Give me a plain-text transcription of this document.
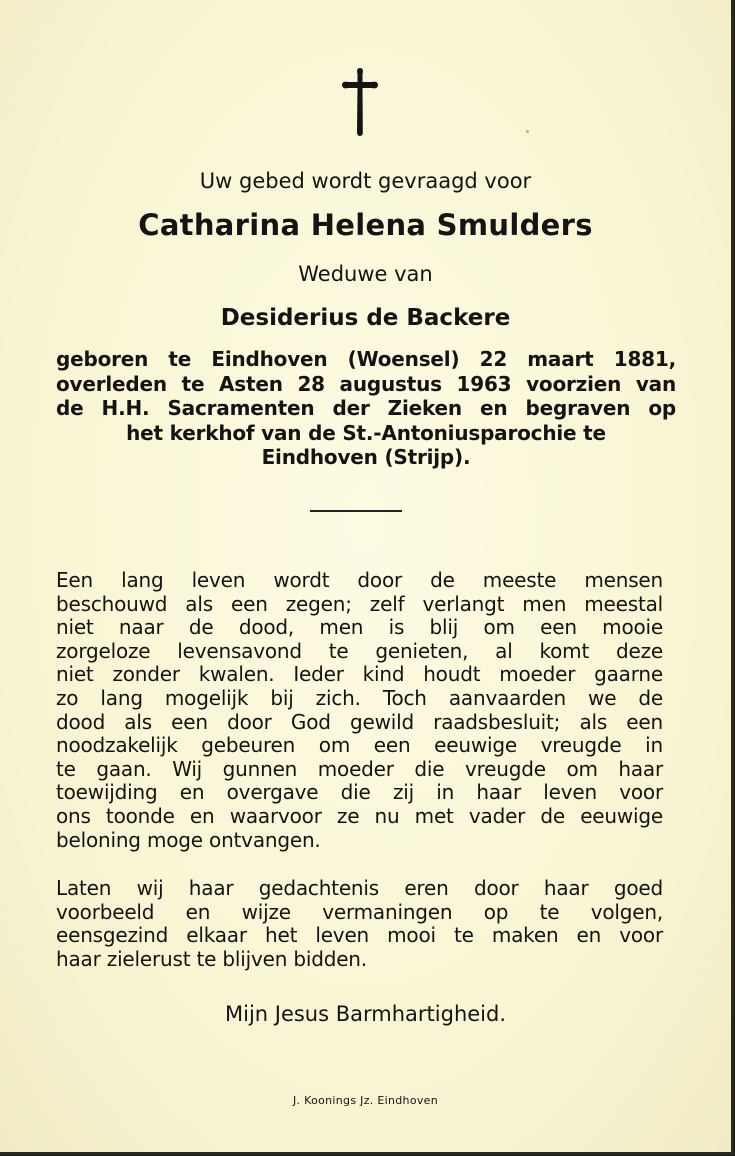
Uw gebed wordt gevraagd voor
Catharina Helena Smulders
Weduwe van
Desiderius de Backere
geboren te Eindhoven (Woensel) 22 maart 1881,
overleden te Asten 28 augustus 1963 voorzien van
de H.H. Sacramenten der Zieken en begraven op
het kerkhof van de St.-Antoniusparochie te
Eindhoven (Strijp).
Een lang leven wordt door de meeste mensen
beschouwd als een zegen; zelf verlangt men meestal
niet naar de dood, men is blij om een mooie
zorgeloze levensavond te genieten, al komt deze
niet zonder kwalen. Ieder kind houdt moeder gaarne
zo lang mogelijk bij zich. Toch aanvaarden we de
dood als een door God gewild raadsbesluit; als een
noodzakelijk gebeuren om een eeuwige vreugde in
te gaan. Wij gunnen moeder die vreugde om haar
toewijding en overgave die zij in haar leven voor
ons toonde en waarvoor ze nu met vader de eeuwige
beloning moge ontvangen.
Laten wij haar gedachtenis eren door haar goed
voorbeeld en wijze vermaningen op te volgen,
eensgezind elkaar het leven mooi te maken en voor
haar zielerust te blijven bidden.
Mijn Jesus Barmhartigheid.
J. Koonings Jz. Eindhoven
